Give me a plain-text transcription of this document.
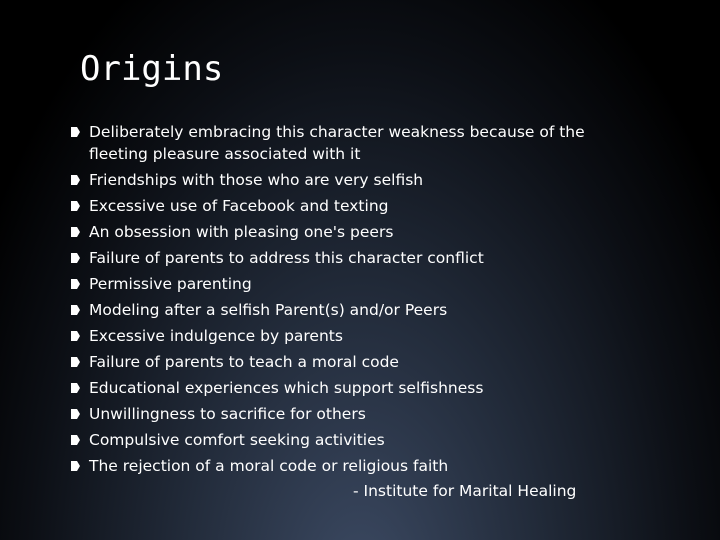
Origins
Deliberately embracing this character weakness because of the fleeting pleasure associated with it
Friendships with those who are very selfish
Excessive use of Facebook and texting
An obsession with pleasing one's peers
Failure of parents to address this character conflict
Permissive parenting
Modeling after a selfish Parent(s) and/or Peers
Excessive indulgence by parents
Failure of parents to teach a moral code
Educational experiences which support selfishness
Unwillingness to sacrifice for others
Compulsive comfort seeking activities
The rejection of a moral code or religious faith
- Institute for Marital Healing
